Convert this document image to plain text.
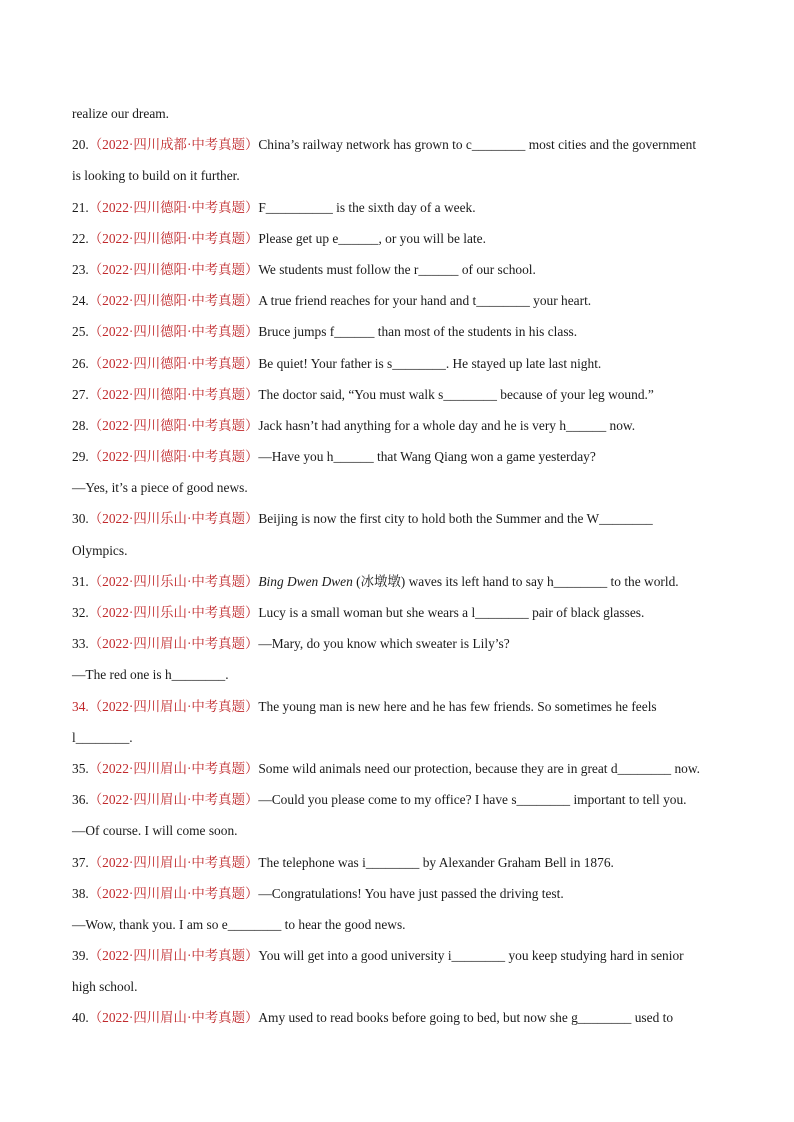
realize our dream.
20.（2022·四川成都·中考真题）China’s railway network has grown to c________ most cities and the government
is looking to build on it further.
21.（2022·四川德阳·中考真题）F__________ is the sixth day of a week.
22.（2022·四川德阳·中考真题）Please get up e______, or you will be late.
23.（2022·四川德阳·中考真题）We students must follow the r______ of our school.
24.（2022·四川德阳·中考真题）A true friend reaches for your hand and t________ your heart.
25.（2022·四川德阳·中考真题）Bruce jumps f______ than most of the students in his class.
26.（2022·四川德阳·中考真题）Be quiet! Your father is s________. He stayed up late last night.
27.（2022·四川德阳·中考真题）The doctor said, “You must walk s________ because of your leg wound.”
28.（2022·四川德阳·中考真题）Jack hasn’t had anything for a whole day and he is very h______ now.
29.（2022·四川德阳·中考真题）—Have you h______ that Wang Qiang won a game yesterday?
—Yes, it’s a piece of good news.
30.（2022·四川乐山·中考真题）Beijing is now the first city to hold both the Summer and the W________
Olympics.
31.（2022·四川乐山·中考真题）Bing Dwen Dwen (冰墩墩) waves its left hand to say h________ to the world.
32.（2022·四川乐山·中考真题）Lucy is a small woman but she wears a l________ pair of black glasses.
33.（2022·四川眉山·中考真题）—Mary, do you know which sweater is Lily’s?
—The red one is h________.
34.（2022·四川眉山·中考真题）The young man is new here and he has few friends. So sometimes he feels
l________.
35.（2022·四川眉山·中考真题）Some wild animals need our protection, because they are in great d________ now.
36.（2022·四川眉山·中考真题）—Could you please come to my office? I have s________ important to tell you.
—Of course. I will come soon.
37.（2022·四川眉山·中考真题）The telephone was i________ by Alexander Graham Bell in 1876.
38.（2022·四川眉山·中考真题）—Congratulations! You have just passed the driving test.
—Wow, thank you. I am so e________ to hear the good news.
39.（2022·四川眉山·中考真题）You will get into a good university i________ you keep studying hard in senior
high school.
40.（2022·四川眉山·中考真题）Amy used to read books before going to bed, but now she g________ used to
